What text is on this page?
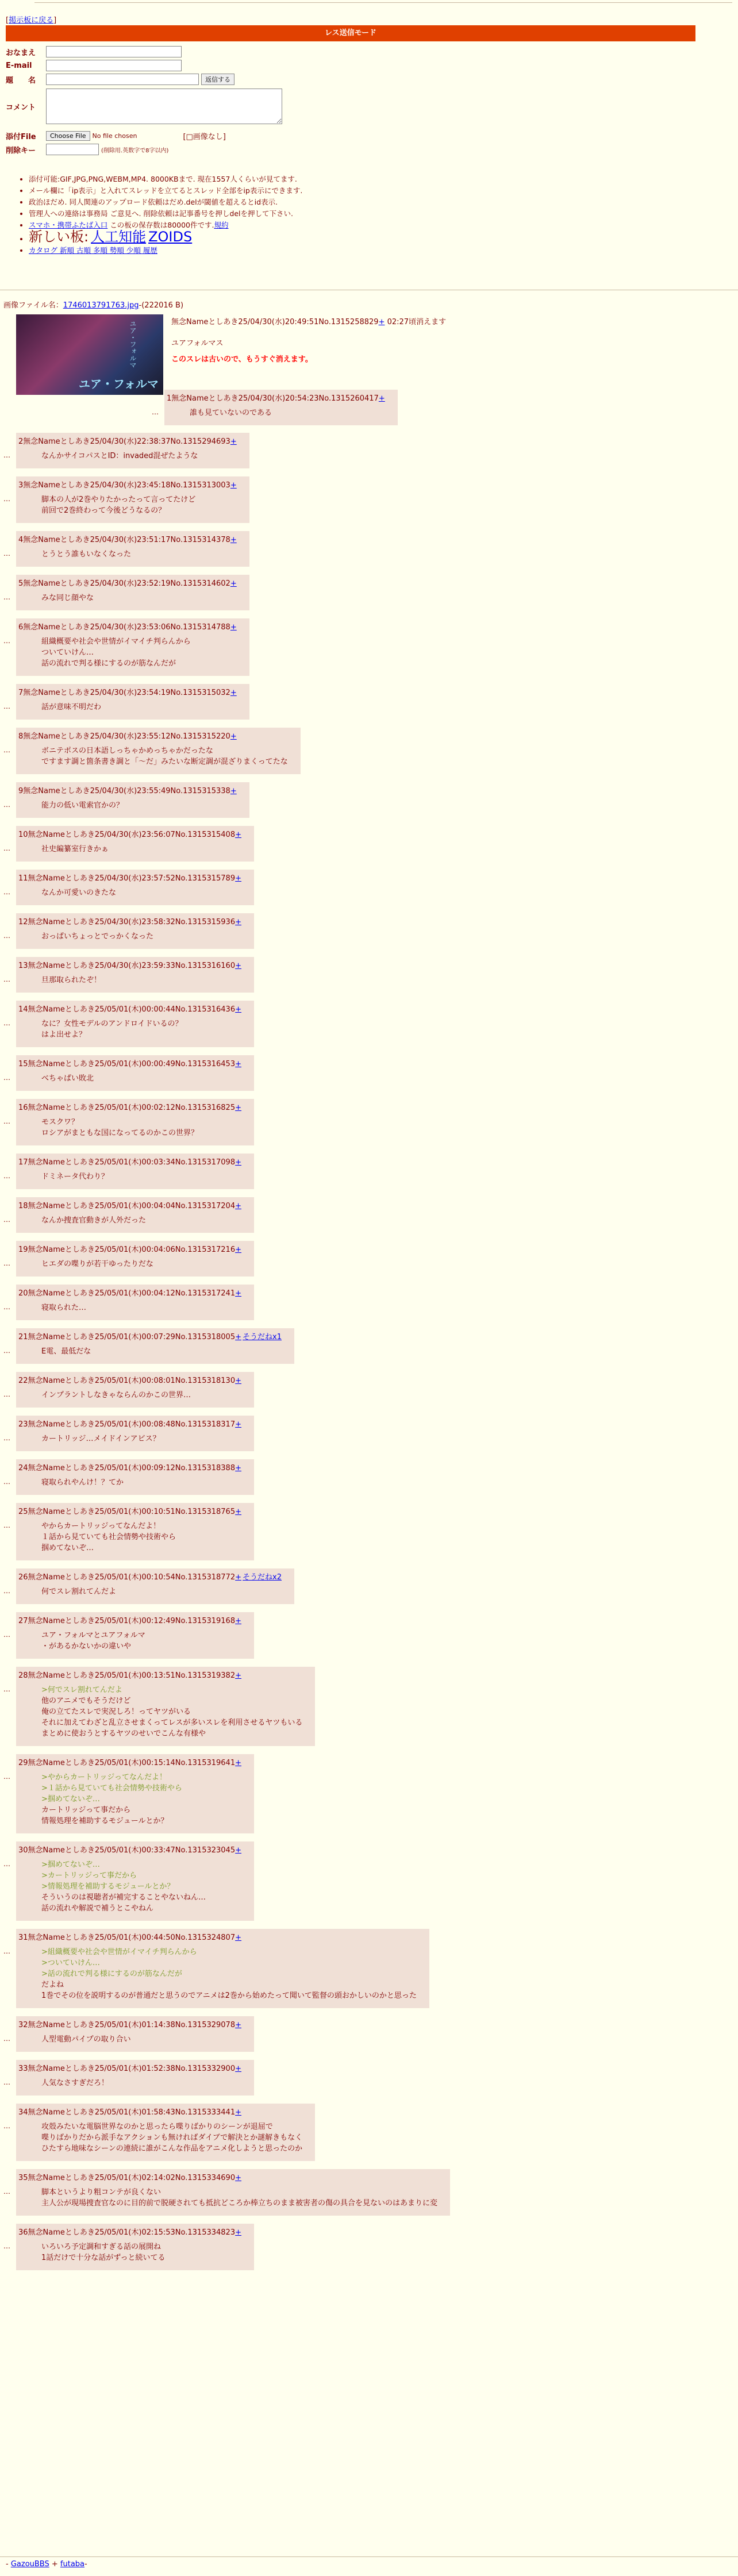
[掲示板に戻る]
レス送信モード
おなまえ
E-mail
題　　名	返信する
コメント
添付File	Choose File	No file chosen	[□画像なし]
削除キー	(削除用.英数字で8字以内)
• 添付可能:GIF,JPG,PNG,WEBM,MP4. 8000KBまで. 現在1557人くらいが見てます.
• メール欄に「ip表示」と入れてスレッドを立てるとスレッド全部をip表示にできます.
• 政治ほだめ. 同人関連のアップロード依頼はだめ.delが閾値を超えるとid表示.
• 管理人への連絡は事務局 ご意見へ. 削除依頼は記事番号を押しdelを押して下さい.
• スマホ・携帯ふたば入口 この板の保存数は80000件です.規約
• 新しい板: 人工知能 ZOIDS
• カタログ 新順 古順 多順 勢順 少順 履歴
画像ファイル名：1746013791763.jpg-(222016 B)
ユア・フォルマ
ユア・フォルマ
無念Nameとしあき25/04/30(水)20:49:51No.1315258829+ 02:27頃消えます
ユアフォルマス
このスレは古いので、もうすぐ消えます。
…
1無念Nameとしあき25/04/30(水)20:54:23No.1315260417+
誰も見ていないのである
…
2無念Nameとしあき25/04/30(水)22:38:37No.1315294693+
なんかサイコパスとID：invaded混ぜたような
…
3無念Nameとしあき25/04/30(水)23:45:18No.1315313003+
脚本の人が2巻やりたかったって言ってたけど
前回で2巻終わって今後どうなるの？
…
4無念Nameとしあき25/04/30(水)23:51:17No.1315314378+
とうとう誰もいなくなった
…
5無念Nameとしあき25/04/30(水)23:52:19No.1315314602+
みな同じ顔やな
…
6無念Nameとしあき25/04/30(水)23:53:06No.1315314788+
組織概要や社会や世情がイマイチ判らんから
ついていけん…
話の流れで判る様にするのが筋なんだが
…
7無念Nameとしあき25/04/30(水)23:54:19No.1315315032+
話が意味不明だわ
…
8無念Nameとしあき25/04/30(水)23:55:12No.1315315220+
ボニテポスの日本語しっちゃかめっちゃかだったな
ですます調と箇条書き調と「〜だ」みたいな断定調が混ざりまくってたな
…
9無念Nameとしあき25/04/30(水)23:55:49No.1315315338+
能力の低い電索官かの？
…
10無念Nameとしあき25/04/30(水)23:56:07No.1315315408+
社史編纂室行きかぁ
…
11無念Nameとしあき25/04/30(水)23:57:52No.1315315789+
なんか可愛いのきたな
…
12無念Nameとしあき25/04/30(水)23:58:32No.1315315936+
おっぱいちょっとでっかくなった
…
13無念Nameとしあき25/04/30(水)23:59:33No.1315316160+
旦那取られたぞ！
…
14無念Nameとしあき25/05/01(木)00:00:44No.1315316436+
なに？女性モデルのアンドロイドいるの？
はよ出せよ？
…
15無念Nameとしあき25/05/01(木)00:00:49No.1315316453+
べちゃぱい敗北
…
16無念Nameとしあき25/05/01(木)00:02:12No.1315316825+
モスクワ？
ロシアがまともな国になってるのかこの世界？
…
17無念Nameとしあき25/05/01(木)00:03:34No.1315317098+
ドミネータ代わり？
…
18無念Nameとしあき25/05/01(木)00:04:04No.1315317204+
なんか捜査官動きが人外だった
…
19無念Nameとしあき25/05/01(木)00:04:06No.1315317216+
ヒエダの喋りが若干ゆったりだな
…
20無念Nameとしあき25/05/01(木)00:04:12No.1315317241+
寝取られた…
…
21無念Nameとしあき25/05/01(木)00:07:29No.1315318005+ そうだねx1
E電、最低だな
…
22無念Nameとしあき25/05/01(木)00:08:01No.1315318130+
インプラントしなきゃならんのかこの世界…
…
23無念Nameとしあき25/05/01(木)00:08:48No.1315318317+
カートリッジ…メイドインアビス？
…
24無念Nameとしあき25/05/01(木)00:09:12No.1315318388+
寝取られやんけ！？てか
…
25無念Nameとしあき25/05/01(木)00:10:51No.1315318765+
やからカートリッジってなんだよ！
１話から見ていても社会情勢や技術やら
掴めてないぞ…
…
26無念Nameとしあき25/05/01(木)00:10:54No.1315318772+ そうだねx2
何でスレ割れてんだよ
…
27無念Nameとしあき25/05/01(木)00:12:49No.1315319168+
ユア・フォルマとユアフォルマ
・があるかないかの違いや
…
28無念Nameとしあき25/05/01(木)00:13:51No.1315319382+
>何でスレ割れてんだよ
他のアニメでもそうだけど
俺の立てたスレで実況しろ！ってヤツがいる
それに加えてわざと乱立させまくってレスが多いスレを利用させるヤツもいる
まとめに使おうとするヤツのせいでこんな有様や
…
29無念Nameとしあき25/05/01(木)00:15:14No.1315319641+
>やからカートリッジってなんだよ！
>１話から見ていても社会情勢や技術やら
>掴めてないぞ…
カートリッジって事だから
情報処理を補助するモジュールとか？
…
30無念Nameとしあき25/05/01(木)00:33:47No.1315323045+
>掴めてないぞ…
>カートリッジって事だから
>情報処理を補助するモジュールとか？
そういうのは視聴者が補完することやないねん…
話の流れや解説で補うとこやねん
…
31無念Nameとしあき25/05/01(木)00:44:50No.1315324807+
>組織概要や社会や世情がイマイチ判らんから
>ついていけん…
>話の流れで判る様にするのが筋なんだが
だよね
1巻でその位を説明するのが普通だと思うのでアニメは2巻から始めたって聞いて監督の頭おかしいのかと思った
…
32無念Nameとしあき25/05/01(木)01:14:38No.1315329078+
人型電動パイプの取り合い
…
33無念Nameとしあき25/05/01(木)01:52:38No.1315332900+
人気なさすぎだろ！
…
34無念Nameとしあき25/05/01(木)01:58:43No.1315333441+
攻殻みたいな電脳世界なのかと思ったら喋りばかりのシーンが退屈で
喋りばかりだから派手なアクションも無ければダイブで解決とか謎解きもなく
ひたすら地味なシーンの連続に誰がこんな作品をアニメ化しようと思ったのか
…
35無念Nameとしあき25/05/01(木)02:14:02No.1315334690+
脚本というより粗コンテが良くない
主人公が現場捜査官なのに目的前で脱硬されても抵抗どころか棒立ちのまま被害者の傷の具合を見ないのはあまりに変
…
36無念Nameとしあき25/05/01(木)02:15:53No.1315334823+
いろいろ予定調和すぎる話の展開ね
1話だけで十分な話がずっと続いてる
- GazouBBS + futaba-
